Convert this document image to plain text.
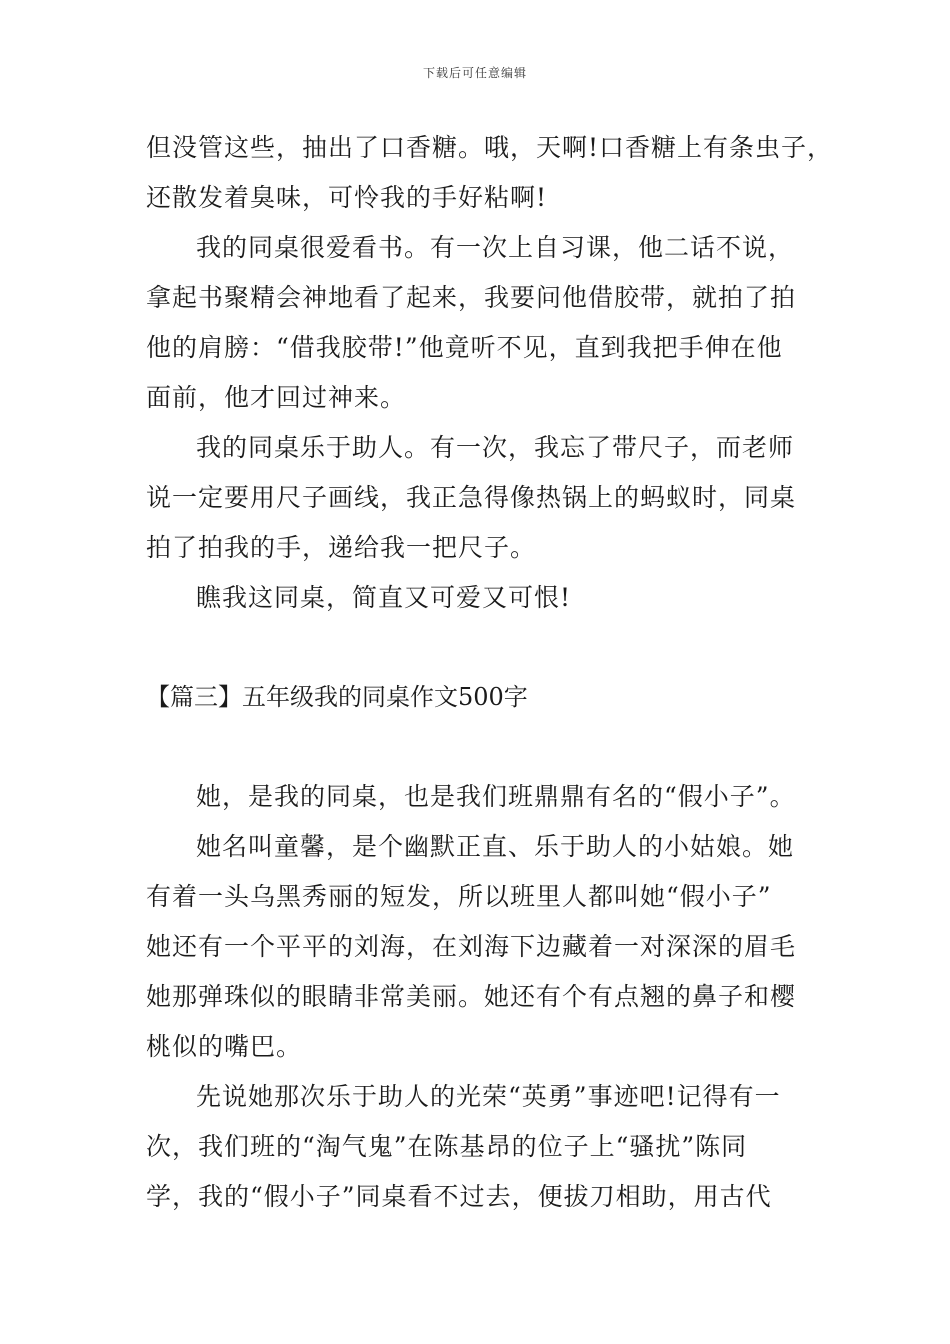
下载后可任意编辑
但没管这些，抽出了口香糖。哦，天啊!口香糖上有条虫子，
还散发着臭味，可怜我的手好粘啊!
我的同桌很爱看书。有一次上自习课，他二话不说，
拿起书聚精会神地看了起来，我要问他借胶带，就拍了拍
他的肩膀：“借我胶带!”他竟听不见，直到我把手伸在他
面前，他才回过神来。
我的同桌乐于助人。有一次，我忘了带尺子，而老师
说一定要用尺子画线，我正急得像热锅上的蚂蚁时，同桌
拍了拍我的手，递给我一把尺子。
瞧我这同桌，简直又可爱又可恨!
【篇三】五年级我的同桌作文500字
她，是我的同桌，也是我们班鼎鼎有名的“假小子”。
她名叫童馨，是个幽默正直、乐于助人的小姑娘。她
有着一头乌黑秀丽的短发，所以班里人都叫她“假小子”
她还有一个平平的刘海，在刘海下边藏着一对深深的眉毛
她那弹珠似的眼睛非常美丽。她还有个有点翘的鼻子和樱
桃似的嘴巴。
先说她那次乐于助人的光荣“英勇”事迹吧!记得有一
次，我们班的“淘气鬼”在陈基昂的位子上“骚扰”陈同
学，我的“假小子”同桌看不过去，便拔刀相助，用古代
